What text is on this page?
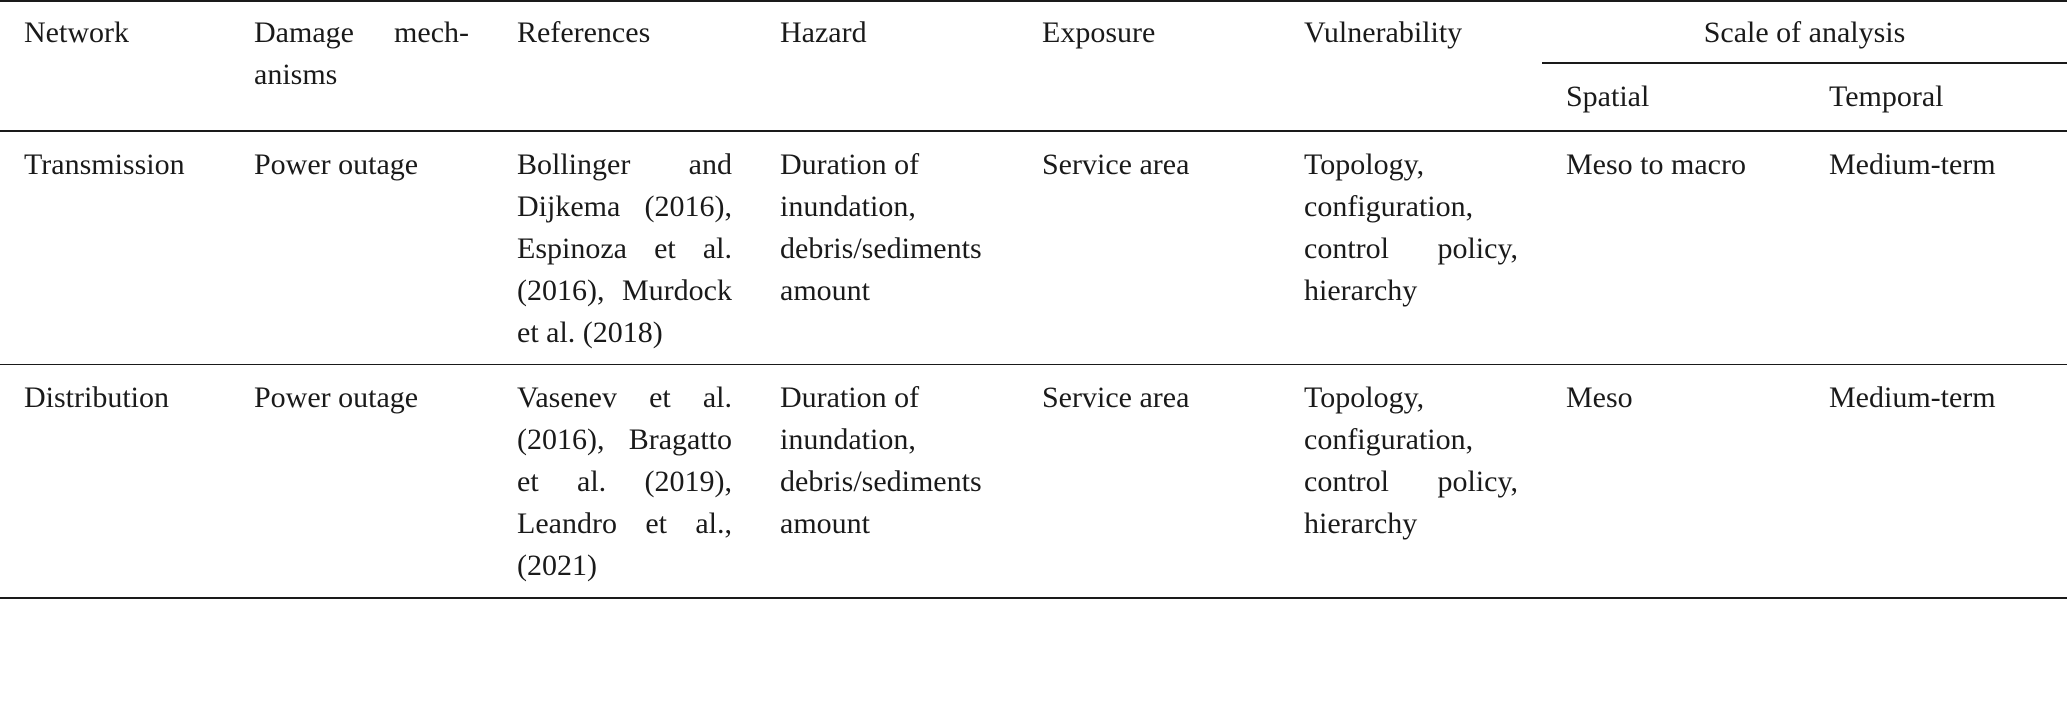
Network	Damage mech-anisms	References	Hazard	Exposure	Vulnerability	Scale of analysis	
						Spatial	Temporal
Transmission	Power outage	Bollinger and Dijkema (2016), Espinoza et al. (2016), Murdock et al. (2018)	Duration of inundation, debris/sediments amount	Service area	Topology, configuration, control policy, hierarchy	Meso to macro	Medium-term
Distribution	Power outage	Vasenev et al. (2016), Bragatto et al. (2019), Leandro et al., (2021)	Duration of inundation, debris/sediments amount	Service area	Topology, configuration, control policy, hierarchy	Meso	Medium-term
